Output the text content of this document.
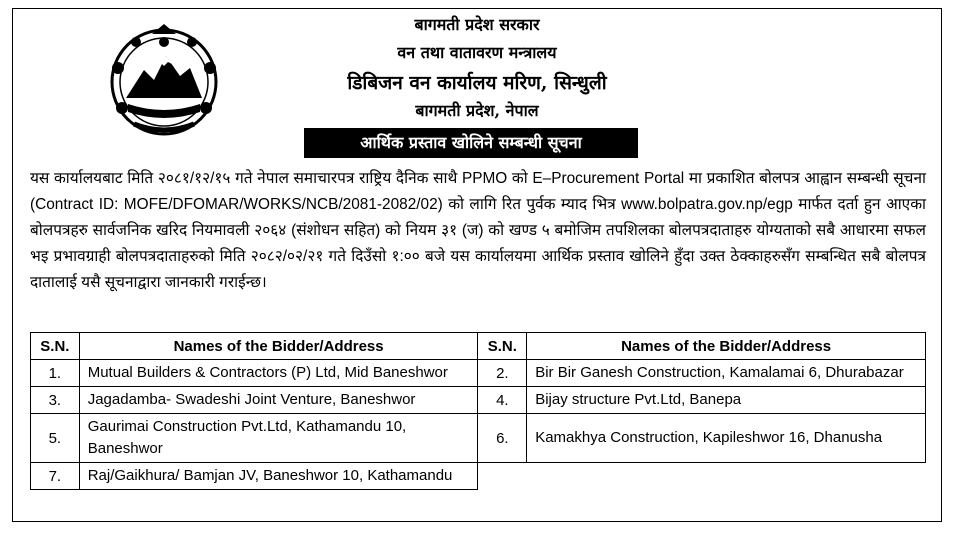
बागमती प्रदेश सरकार
वन तथा वातावरण मन्त्रालय
डिबिजन वन कार्यालय मरिण, सिन्धुली
बागमती प्रदेश, नेपाल
आर्थिक प्रस्ताव खोलिने सम्बन्धी सूचना

यस कार्यालयबाट मिति २०८१/१२/१५ गते नेपाल समाचारपत्र राष्ट्रिय दैनिक साथै PPMO को E–Procurement Portal मा प्रकाशित बोलपत्र आह्वान सम्बन्धी सूचना (Contract ID: MOFE/DFOMAR/WORKS/NCB/2081-2082/02) को लागि रित पुर्वक म्याद भित्र www.bolpatra.gov.np/egp मार्फत दर्ता हुन आएका बोलपत्रहरु सार्वजनिक खरिद नियमावली २०६४ (संशोधन सहित) को नियम ३१ (ज) को खण्ड ५ बमोजिम तपशिलका बोलपत्रदाताहरु योग्यताको सबै आधारमा सफल भइ प्रभावग्राही बोलपत्रदाताहरुको मिति २०८२/०२/२१ गते दिउँसो १:०० बजे यस कार्यालयमा आर्थिक प्रस्ताव खोलिने हुँदा उक्त ठेक्काहरुसँग सम्बन्धित सबै बोलपत्र दातालाई यसै सूचनाद्वारा जानकारी गराईन्छ।

S.N.	Names of the Bidder/Address	S.N.	Names of the Bidder/Address
1.	Mutual Builders & Contractors (P) Ltd, Mid Baneshwor	2.	Bir Bir Ganesh Construction, Kamalamai 6, Dhurabazar
3.	Jagadamba- Swadeshi Joint Venture, Baneshwor	4.	Bijay structure Pvt.Ltd, Banepa
5.	Gaurimai Construction Pvt.Ltd, Kathamandu 10, Baneshwor	6.	Kamakhya Construction, Kapileshwor 16, Dhanusha
7.	Raj/Gaikhura/ Bamjan JV, Baneshwor 10, Kathamandu		
